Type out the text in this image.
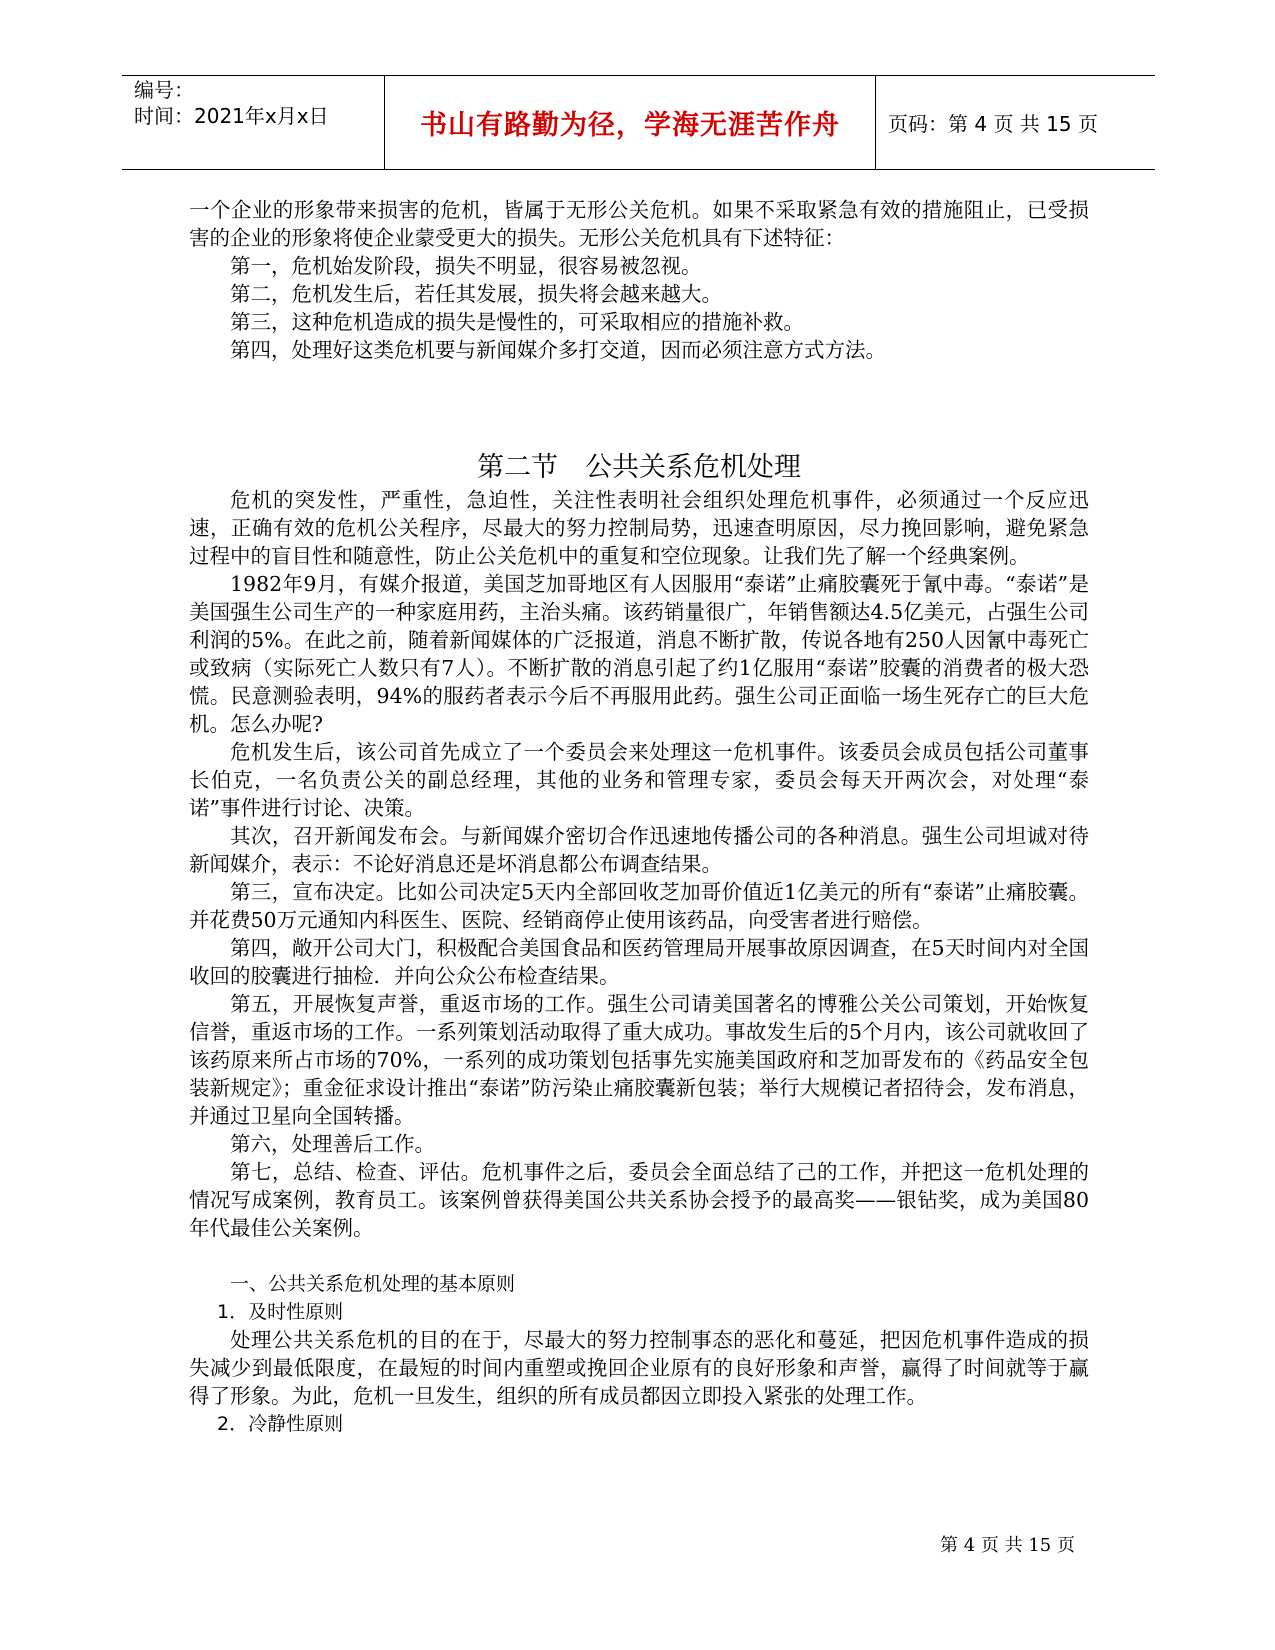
编号：
时间：2021年x月x日	书山有路勤为径，学海无涯苦作舟 页码：第 4 页 共 15 页

一个企业的形象带来损害的危机，皆属于无形公关危机。如果不采取紧急有效的措施阻止，已受损害的企业的形象将使企业蒙受更大的损失。无形公关危机具有下述特征：

第一，危机始发阶段，损失不明显，很容易被忽视。

第二，危机发生后，若任其发展，损失将会越来越大。

第三，这种危机造成的损失是慢性的，可采取相应的措施补救。

第四，处理好这类危机要与新闻媒介多打交道，因而必须注意方式方法。

第二节　公共关系危机处理

危机的突发性，严重性，急迫性，关注性表明社会组织处理危机事件，必须通过一个反应迅速，正确有效的危机公关程序，尽最大的努力控制局势，迅速查明原因，尽力挽回影响，避免紧急过程中的盲目性和随意性，防止公关危机中的重复和空位现象。让我们先了解一个经典案例。

1982年9月，有媒介报道，美国芝加哥地区有人因服用“泰诺”止痛胶囊死于氰中毒。“泰诺”是美国强生公司生产的一种家庭用药，主治头痛。该药销量很广，年销售额达4.5亿美元，占强生公司利润的5%。在此之前，随着新闻媒体的广泛报道，消息不断扩散，传说各地有250人因氰中毒死亡或致病（实际死亡人数只有7人）。不断扩散的消息引起了约1亿服用“泰诺”胶囊的消费者的极大恐慌。民意测验表明，94%的服药者表示今后不再服用此药。强生公司正面临一场生死存亡的巨大危机。怎么办呢?

危机发生后，该公司首先成立了一个委员会来处理这一危机事件。该委员会成员包括公司董事长伯克，一名负责公关的副总经理，其他的业务和管理专家，委员会每天开两次会，对处理“泰诺”事件进行讨论、决策。

其次，召开新闻发布会。与新闻媒介密切合作迅速地传播公司的各种消息。强生公司坦诚对待新闻媒介，表示：不论好消息还是坏消息都公布调查结果。

第三，宣布决定。比如公司决定5天内全部回收芝加哥价值近1亿美元的所有“泰诺”止痛胶囊。并花费50万元通知内科医生、医院、经销商停止使用该药品，向受害者进行赔偿。

第四，敞开公司大门，积极配合美国食品和医药管理局开展事故原因调查，在5天时间内对全国收回的胶囊进行抽检．并向公众公布检查结果。

第五，开展恢复声誉，重返市场的工作。强生公司请美国著名的博雅公关公司策划，开始恢复信誉，重返市场的工作。一系列策划活动取得了重大成功。事故发生后的5个月内，该公司就收回了该药原来所占市场的70%，一系列的成功策划包括事先实施美国政府和芝加哥发布的《药品安全包装新规定》；重金征求设计推出“泰诺”防污染止痛胶囊新包装；举行大规模记者招待会，发布消息，并通过卫星向全国转播。

第六，处理善后工作。

第七，总结、检查、评估。危机事件之后，委员会全面总结了己的工作，并把这一危机处理的情况写成案例，教育员工。该案例曾获得美国公共关系协会授予的最高奖——银钻奖，成为美国80年代最佳公关案例。

一、公共关系危机处理的基本原则

1．及时性原则

处理公共关系危机的目的在于，尽最大的努力控制事态的恶化和蔓延，把因危机事件造成的损失减少到最低限度，在最短的时间内重塑或挽回企业原有的良好形象和声誉，赢得了时间就等于赢得了形象。为此，危机一旦发生，组织的所有成员都因立即投入紧张的处理工作。

2．冷静性原则

第 4 页 共 15 页
